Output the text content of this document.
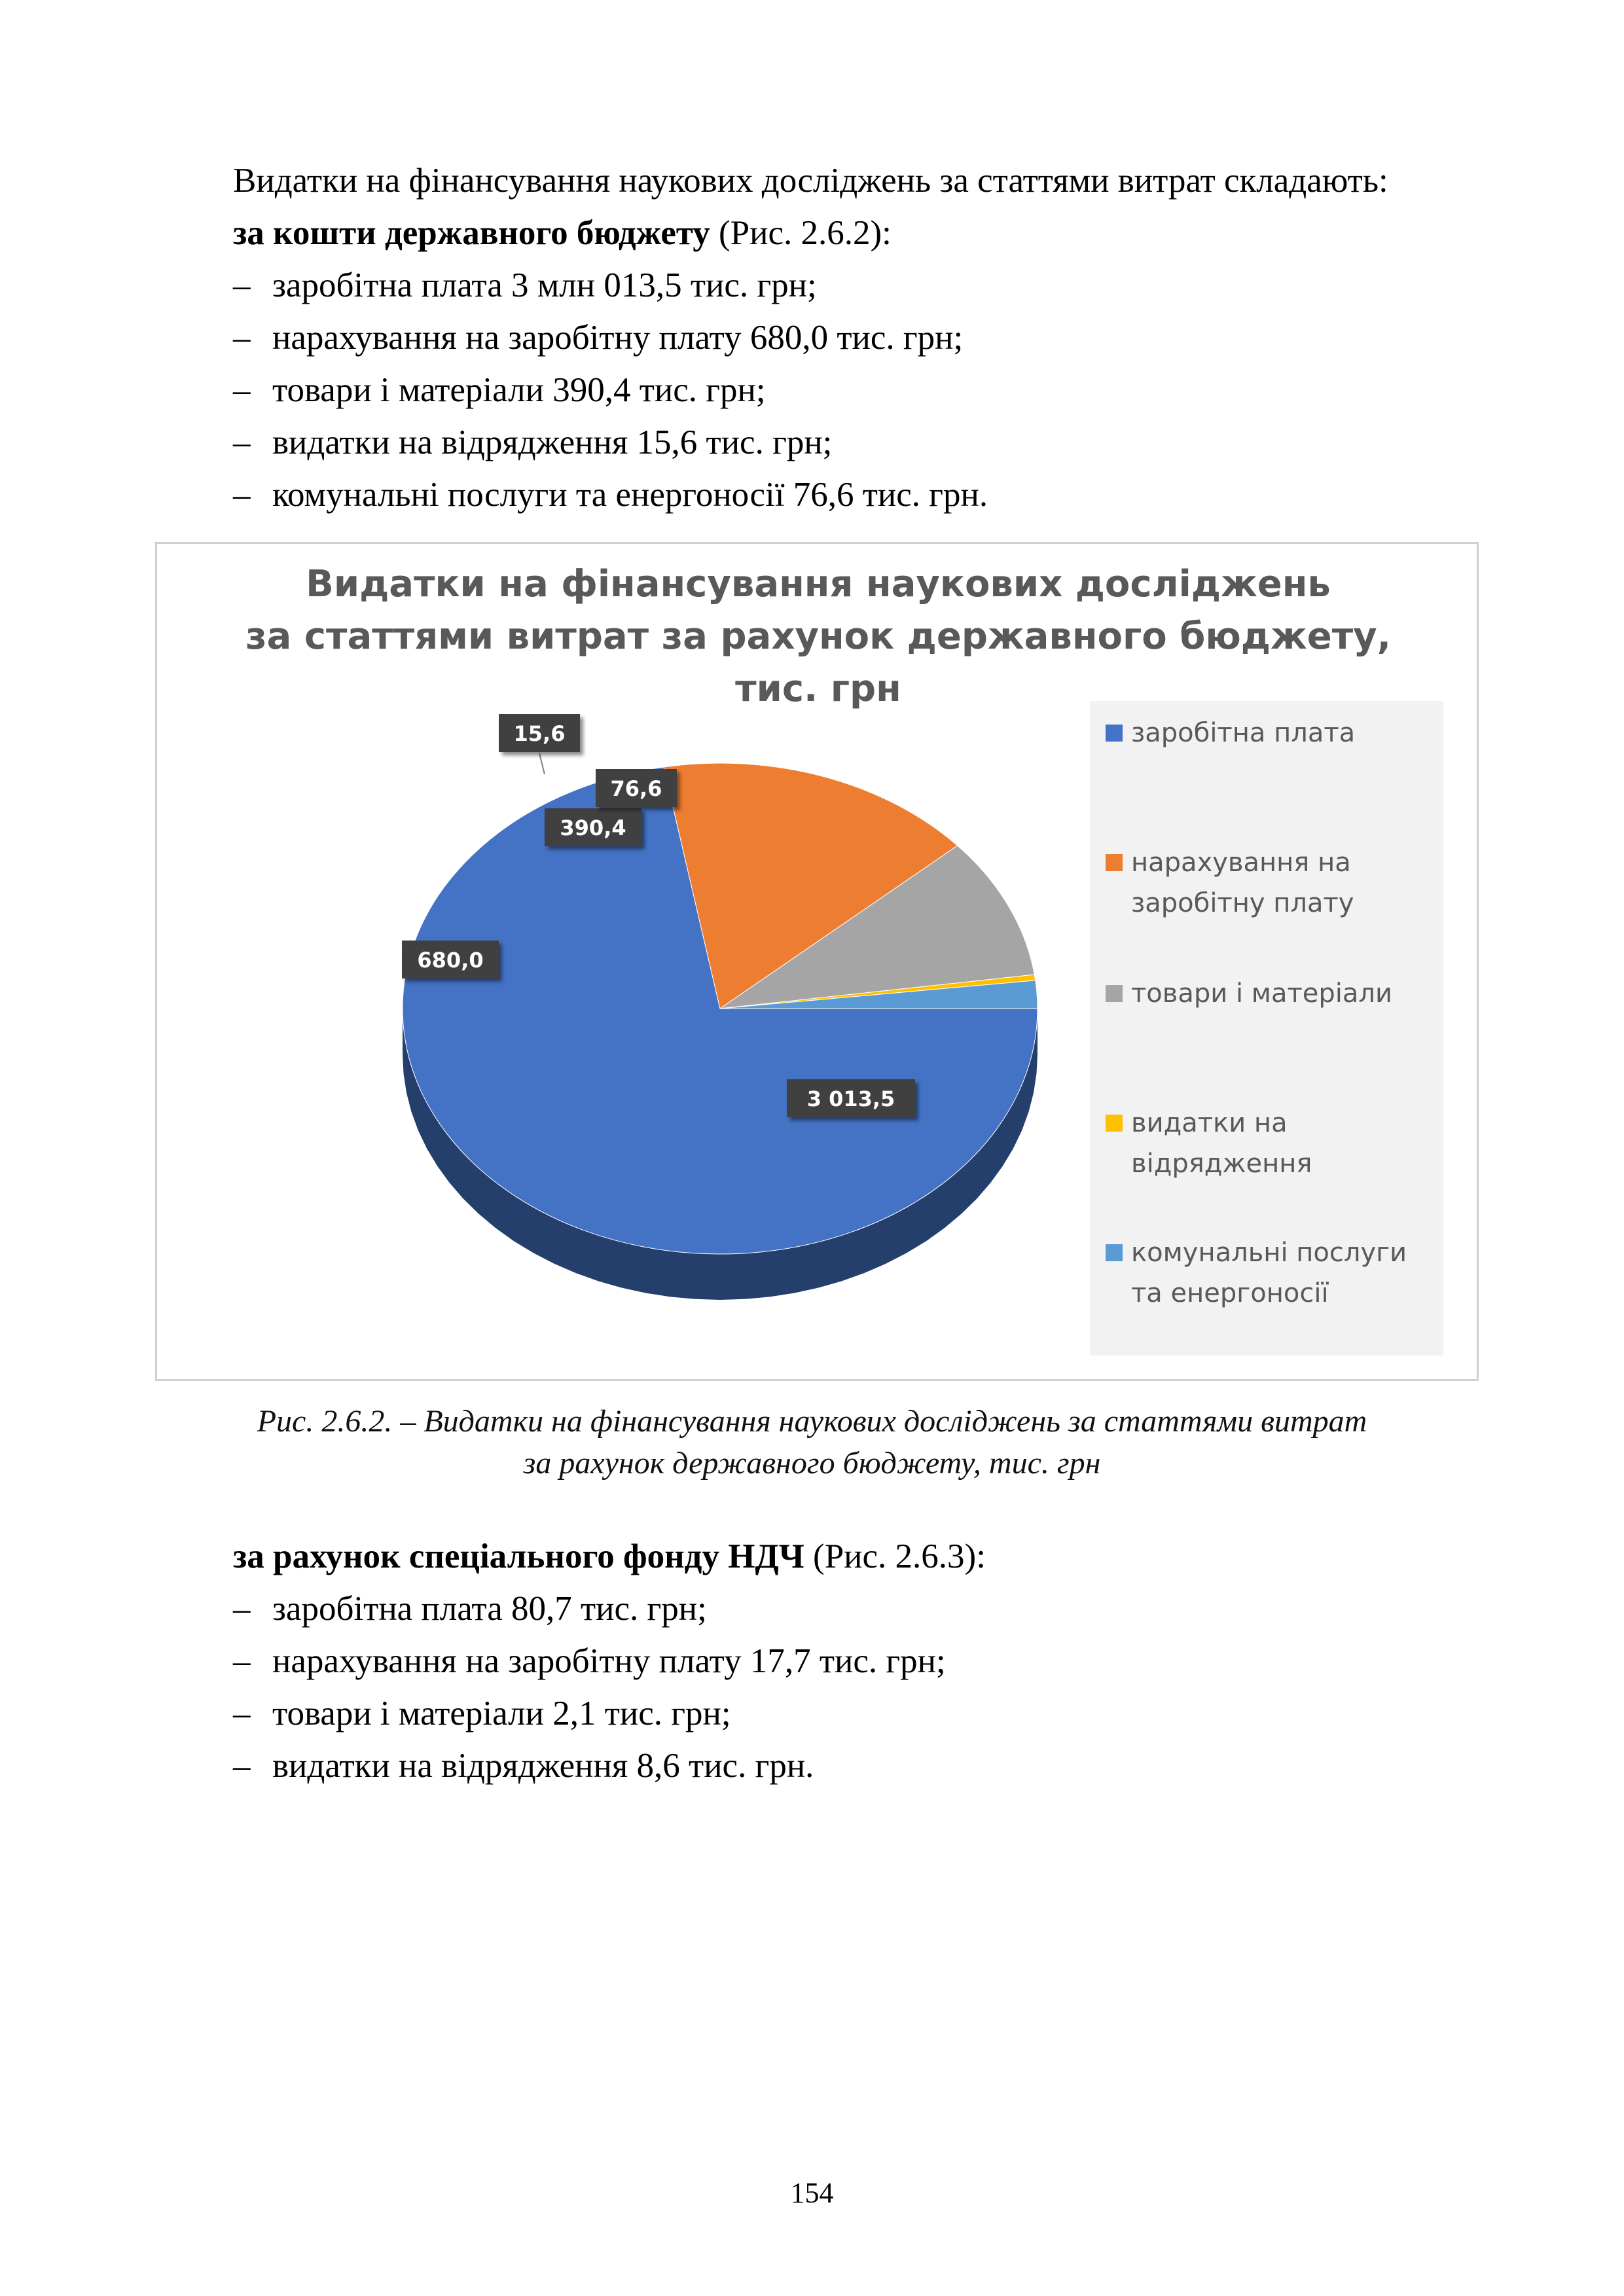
Видатки на фінансування наукових досліджень за статтями витрат складають:
за кошти державного бюджету (Рис. 2.6.2):
– заробітна плата 3 млн 013,5 тис. грн;
– нарахування на заробітну плату 680,0 тис. грн;
– товари і матеріали 390,4 тис. грн;
– видатки на відрядження 15,6 тис. грн;
– комунальні послуги та енергоносії 76,6 тис. грн.
Видатки на фінансування наукових досліджень
за статтями витрат за рахунок державного бюджету,
тис. грн
3 013,5
680,0
390,4
15,6
76,6
заробітна плата
нарахування на
заробітну плату
товари і матеріали
видатки на
відрядження
комунальні послуги
та енергоносії
Рис. 2.6.2. – Видатки на фінансування наукових досліджень за статтями витрат
за рахунок державного бюджету, тис. грн
за рахунок спеціального фонду НДЧ (Рис. 2.6.3):
– заробітна плата 80,7 тис. грн;
– нарахування на заробітну плату 17,7 тис. грн;
– товари і матеріали 2,1 тис. грн;
– видатки на відрядження 8,6 тис. грн.
154
